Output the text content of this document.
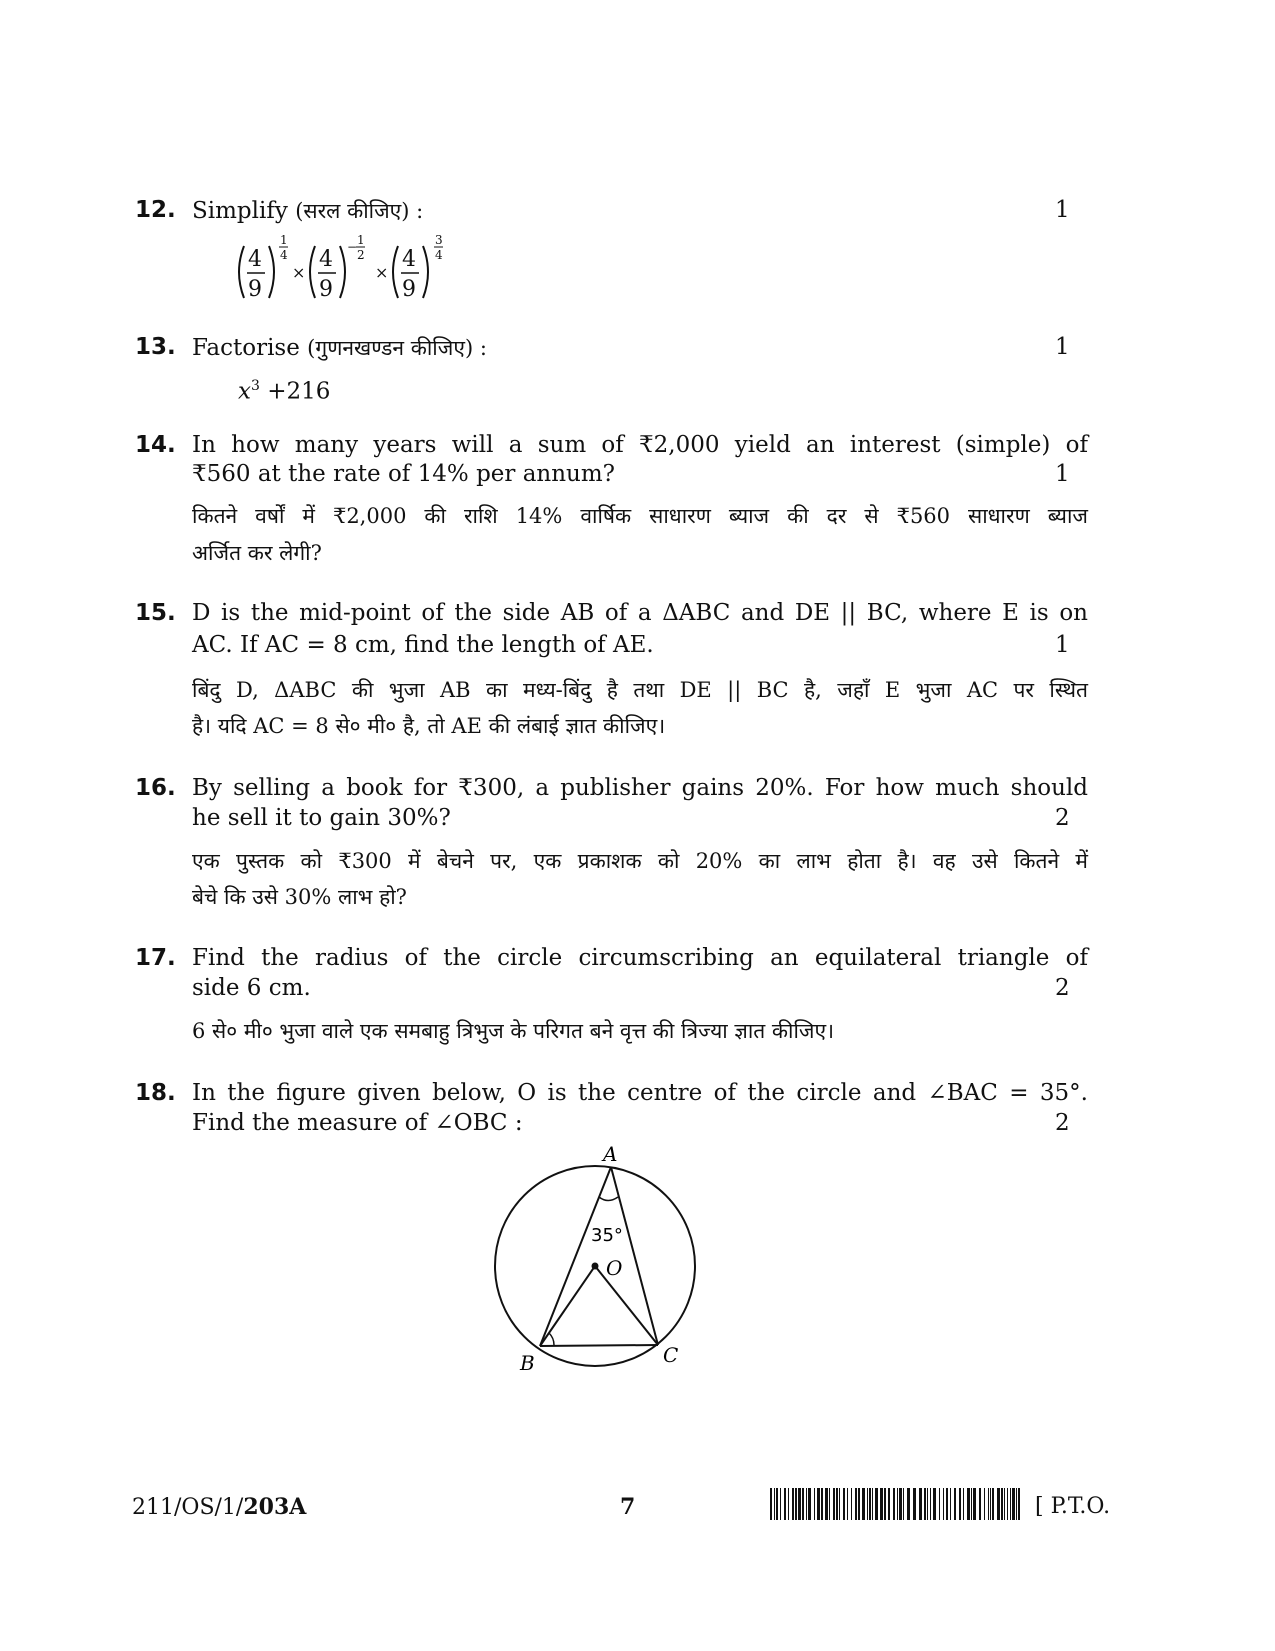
12. Simplify (सरल कीजिए) :	1
4
9
1
4
×
4
9
− 1
2
×
4
9
3
4
13. Factorise (गुणनखण्डन कीजिए) :	1
$x^3 +216$
14. In how many years will a sum of ₹2,000 yield an interest (simple) of
₹560 at the rate of 14% per annum?	1
कितने वर्षों में ₹2,000 की राशि 14% वार्षिक साधारण ब्याज की दर से ₹560 साधारण ब्याज
अर्जित कर लेगी?
15. D is the mid-point of the side AB of a ΔABC and DE || BC, where E is on
AC. If AC = 8 cm, find the length of AE.	1
बिंदु D, ΔABC की भुजा AB का मध्य-बिंदु है तथा DE || BC है, जहाँ E भुजा AC पर स्थित
है। यदि AC = 8 से० मी० है, तो AE की लंबाई ज्ञात कीजिए।
16. By selling a book for ₹300, a publisher gains 20%. For how much should
he sell it to gain 30%?	2
एक पुस्तक को ₹300 में बेचने पर, एक प्रकाशक को 20% का लाभ होता है। वह उसे कितने में
बेचे कि उसे 30% लाभ हो?
17. Find the radius of the circle circumscribing an equilateral triangle of
side 6 cm.	2
6 से० मी० भुजा वाले एक समबाहु त्रिभुज के परिगत बने वृत्त की त्रिज्या ज्ञात कीजिए।
18. In the figure given below, O is the centre of the circle and ∠BAC = 35°.
Find the measure of ∠OBC :	2
A
B	C
O
35°
211/OS/1/203A	7	[ P.T.O.
